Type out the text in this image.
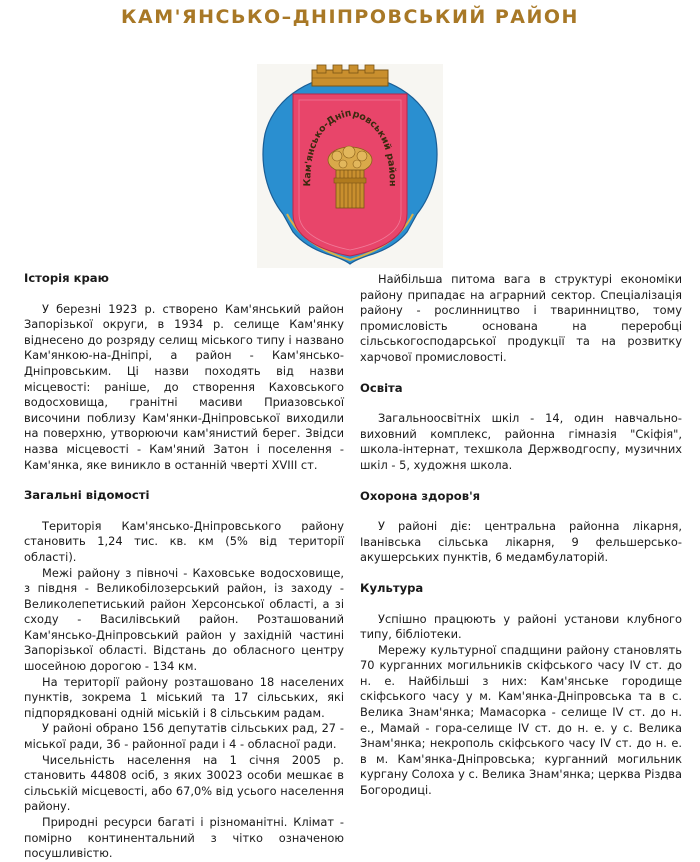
КАМ'ЯНСЬКО–ДНІПРОВСЬКИЙ РАЙОН
Кам'янсько-Дніпровський район
Історія краю

У березні 1923 р. створено Кам'янський район Запорізької округи, в 1934 р. селище Кам'янку віднесено до розряду селищ міського типу і названо Кам'янкою-на-Дніпрі, а район - Кам'янсько-Дніпровським. Ці назви походять від назви місцевості: раніше, до створення Каховського водосховища, гранітні масиви Приазовської височини поблизу Кам'янки-Дніпровської виходили на поверхню, утворюючи кам'янистий берег. Звідси назва місцевості - Кам'яний Затон і поселення - Кам'янка, яке виникло в останній чверті XVIII ст.

Загальні відомості

Територія Кам'янсько-Дніпровського району становить 1,24 тис. кв. км (5% від території області).

Межі району з півночі - Каховське водосховище, з півдня - Великобілозерський район, із заходу - Великолепетиський район Херсонської області, а зі сходу - Василівський район. Розташований Кам'янсько-Дніпровський район у західній частині Запорізької області. Відстань до обласного центру шосейною дорогою - 134 км.

На території району розташовано 18 населених пунктів, зокрема 1 міський та 17 сільських, які підпорядковані одній міській і 8 сільським радам.

У районі обрано 156 депутатів сільських рад, 27 - міської ради, 36 - районної ради і 4 - обласної ради.

Чисельність населення на 1 січня 2005 р. становить 44808 осіб, з яких 30023 особи мешкає в сільській місцевості, або 67,0% від усього населення району.

Природні ресурси багаті і різноманітні. Клімат - помірно континентальний з чітко означеною посушливістю.

Найбільша питома вага в структурі економіки району припадає на аграрний сектор. Спеціалізація району - рослинництво і тваринництво, тому промисловість основана на переробці сільськогосподарської продукції та на розвитку харчової промисловості.

Освіта

Загальноосвітніх шкіл - 14, один навчально-виховний комплекс, районна гімназія "Скіфія", школа-інтернат, техшкола Держводгоспу, музичних шкіл - 5, художня школа.

Охорона здоров'я

У районі діє: центральна районна лікарня, Іванівська сільська лікарня, 9 фельшерсько-акушерських пунктів, 6 медамбулаторій.

Культура

Успішно працюють у районі установи клубного типу, бібліотеки.

Мережу культурної спадщини району становлять 70 курганних могильників скіфського часу IV ст. до н. е. Найбільші з них: Кам'янське городище скіфського часу у м. Кам'янка-Дніпровська та в с. Велика Знам'янка; Мамасорка - селище IV ст. до н. е., Мамай - гора-селище IV ст. до н. е. у с. Велика Знам'янка; некрополь скіфського часу IV ст. до н. е. в м. Кам'янка-Дніпровська; курганний могильник кургану Солоха у с. Велика Знам'янка; церква Різдва Богородиці.
